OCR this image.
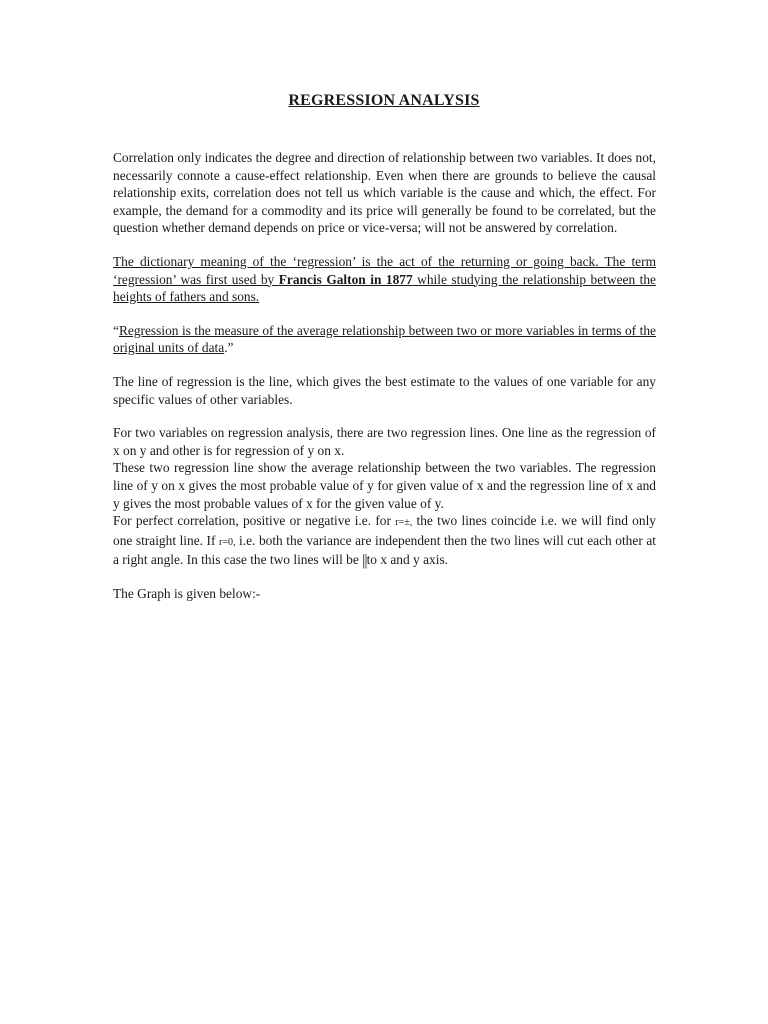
REGRESSION ANALYSIS

Correlation only indicates the degree and direction of relationship between two variables. It does not, necessarily connote a cause-effect relationship. Even when there are grounds to believe the causal relationship exits, correlation does not tell us which variable is the cause and which, the effect. For example, the demand for a commodity and its price will generally be found to be correlated, but the question whether demand depends on price or vice-versa; will not be answered by correlation.

The dictionary meaning of the ‘regression’ is the act of the returning or going back. The term ‘regression’ was first used by Francis Galton in 1877 while studying the relationship between the heights of fathers and sons.

“Regression is the measure of the average relationship between two or more variables in terms of the original units of data.”

The line of regression is the line, which gives the best estimate to the values of one variable for any specific values of other variables.

For two variables on regression analysis, there are two regression lines. One line as the regression of x on y and other is for regression of y on x.

These two regression line show the average relationship between the two variables. The regression line of y on x gives the most probable value of y for given value of x and the regression line of x and y gives the most probable values of x for the given value of y.

For perfect correlation, positive or negative i.e. for r=±, the two lines coincide i.e. we will find only one straight line. If r=0, i.e. both the variance are independent then the two lines will cut each other at a right angle. In this case the two lines will be ||to x and y axis.

The Graph is given below:-
